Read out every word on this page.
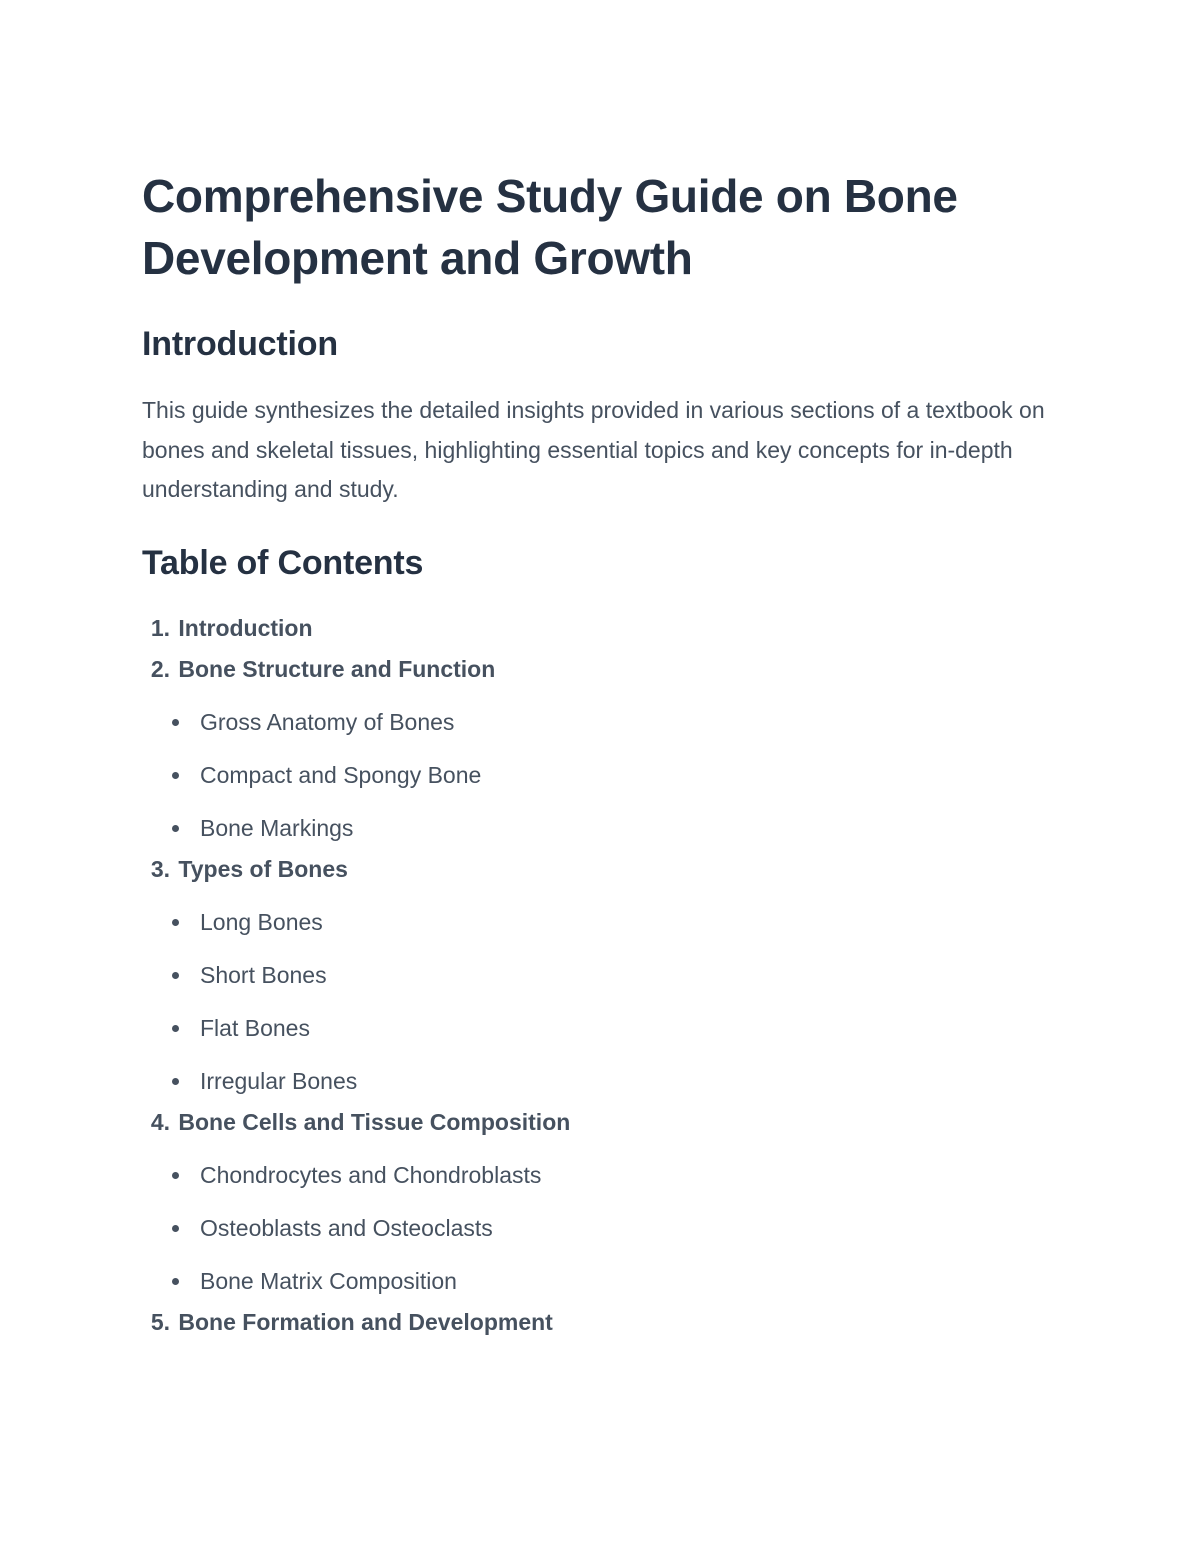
Comprehensive Study Guide on Bone Development and Growth
Introduction

This guide synthesizes the detailed insights provided in various sections of a textbook on bones and skeletal tissues, highlighting essential topics and key concepts for in-depth understanding and study.

Table of Contents
1.
Introduction
2.
Bone Structure and Function
Gross Anatomy of Bones
Compact and Spongy Bone
Bone Markings
3.
Types of Bones
Long Bones
Short Bones
Flat Bones
Irregular Bones
4.
Bone Cells and Tissue Composition
Chondrocytes and Chondroblasts
Osteoblasts and Osteoclasts
Bone Matrix Composition
5.
Bone Formation and Development
